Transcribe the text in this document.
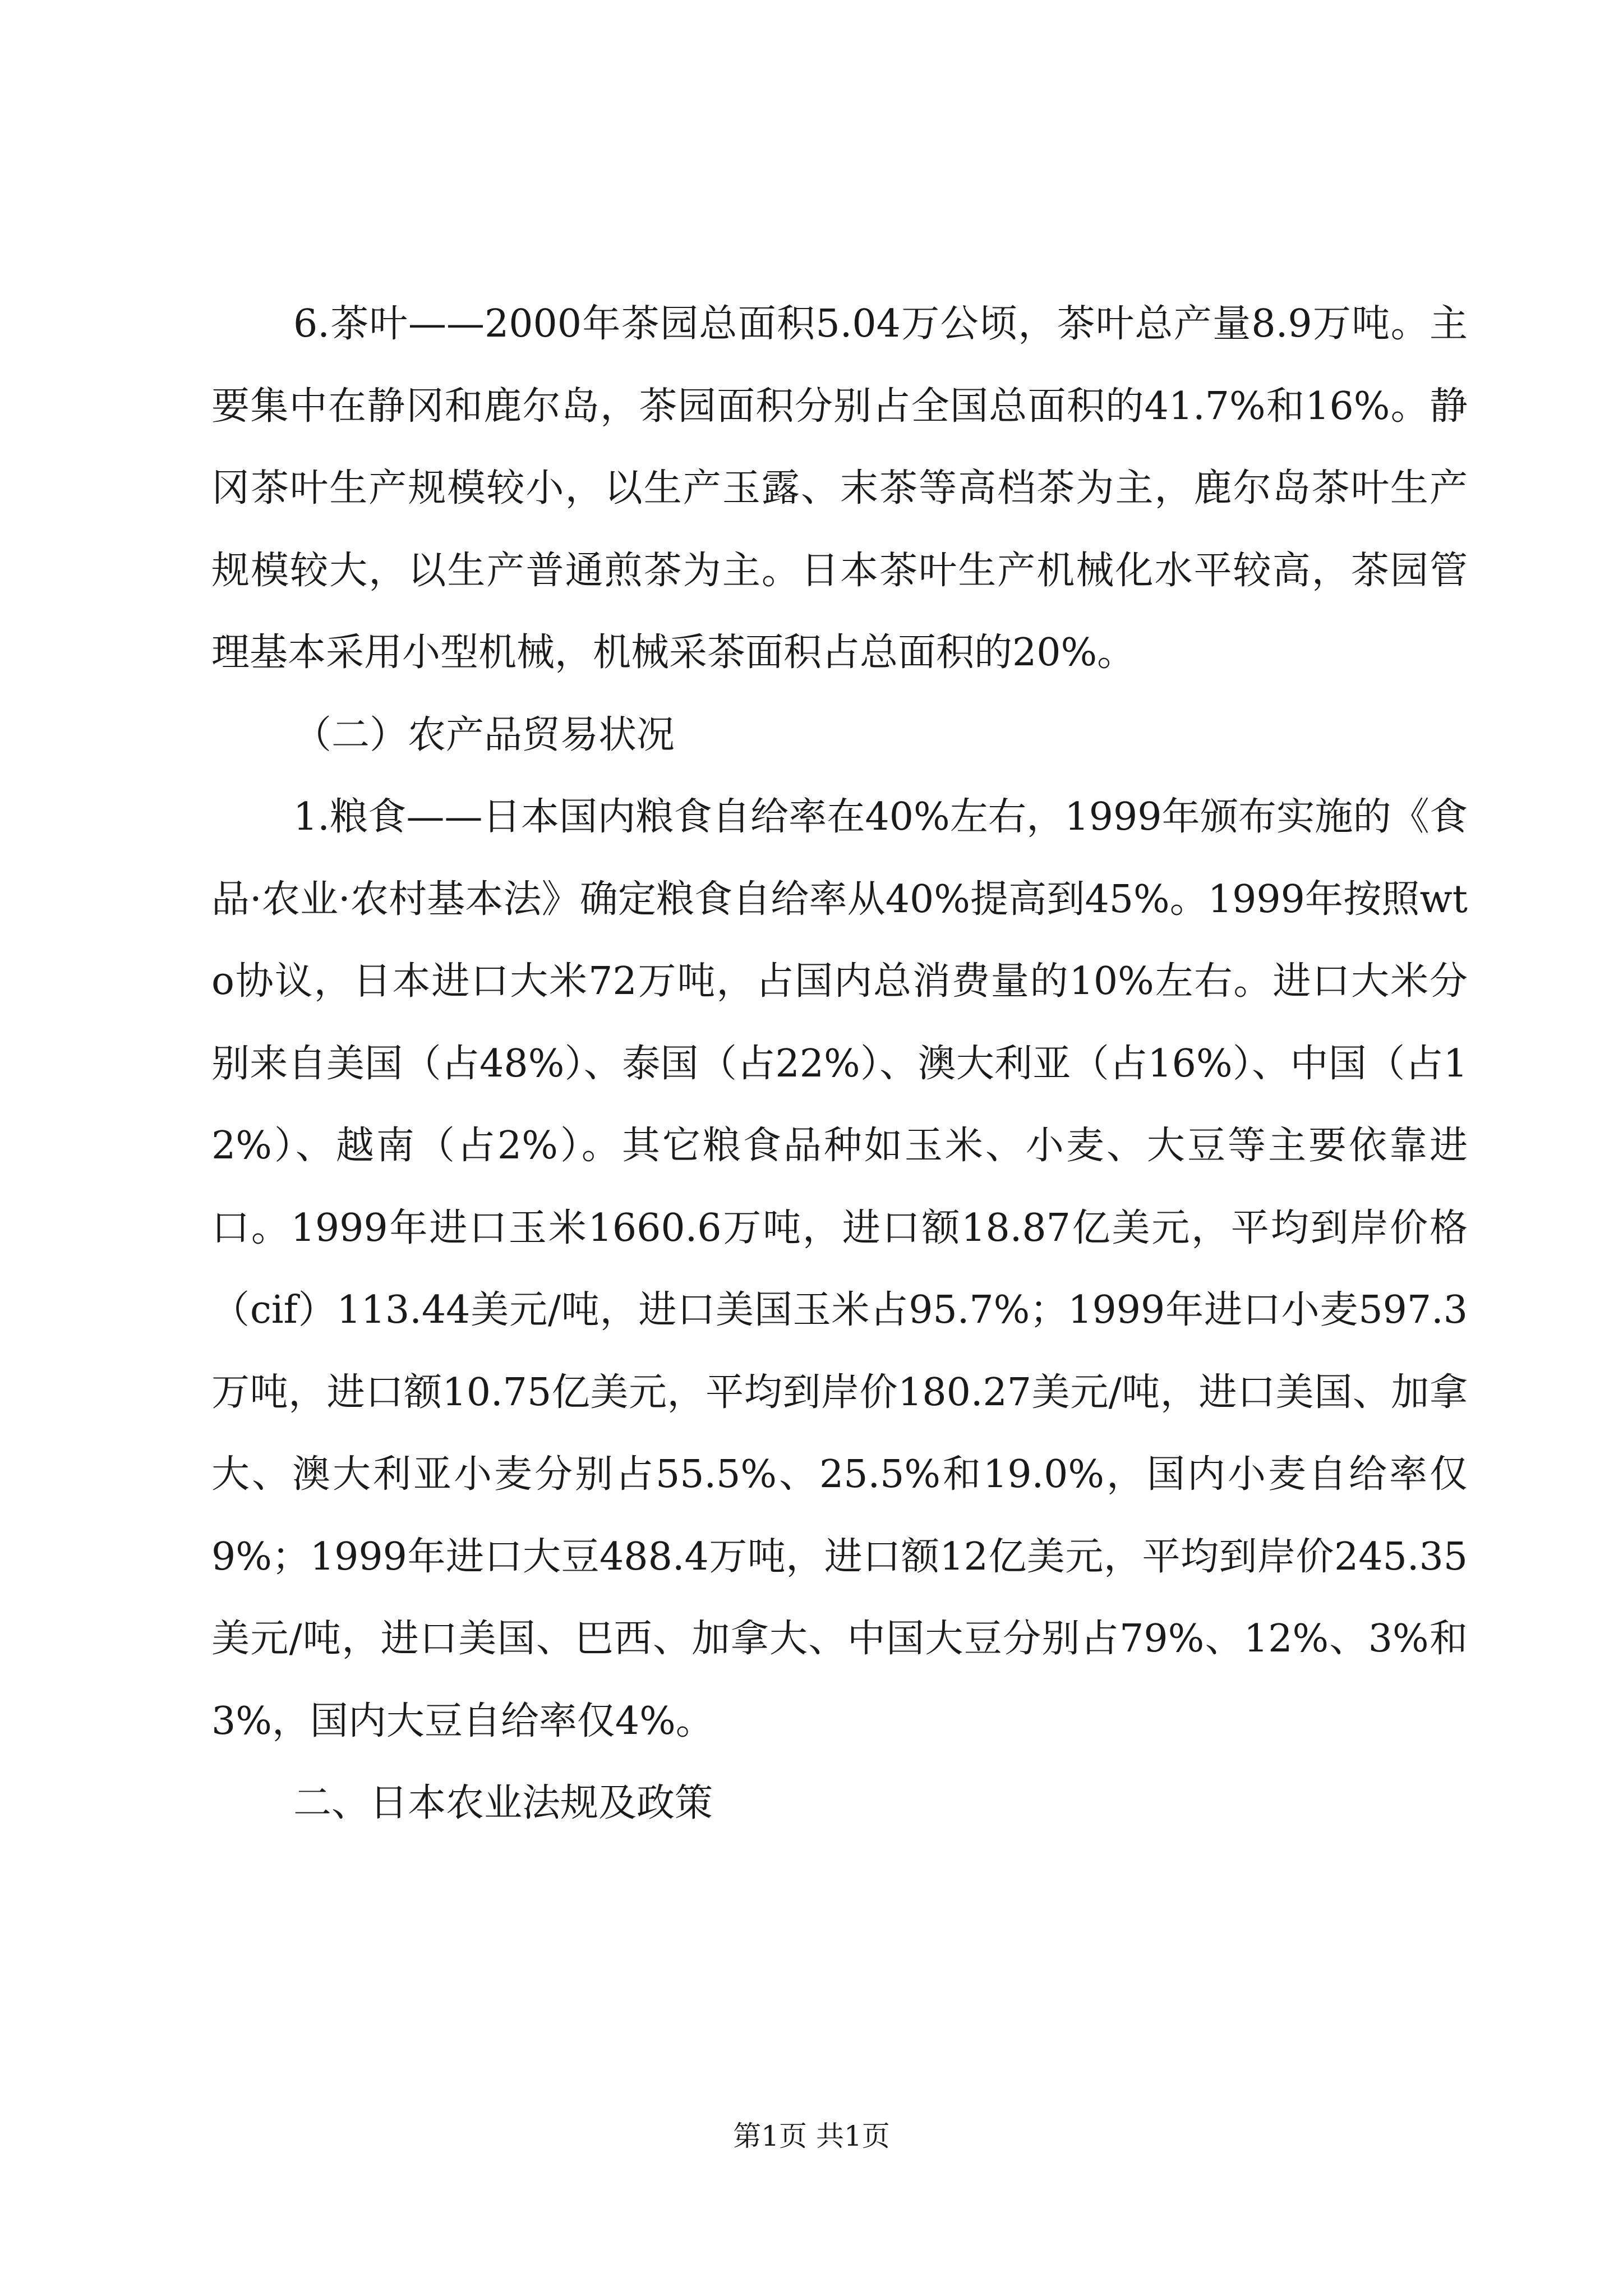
6.茶叶——2000年茶园总面积5.04万公顷，茶叶总产量8.9万吨。主要集中在静冈和鹿尔岛，茶园面积分别占全国总面积的41.7%和16%。静冈茶叶生产规模较小，以生产玉露、末茶等高档茶为主，鹿尔岛茶叶生产规模较大，以生产普通煎茶为主。日本茶叶生产机械化水平较高，茶园管理基本采用小型机械，机械采茶面积占总面积的20%。

（二）农产品贸易状况

1.粮食——日本国内粮食自给率在40%左右，1999年颁布实施的《食品·农业·农村基本法》确定粮食自给率从40%提高到45%。1999年按照wto协议，日本进口大米72万吨，占国内总消费量的10%左右。进口大米分别来自美国（占48%）、泰国（占22%）、澳大利亚（占16%）、中国（占12%）、越南（占2%）。其它粮食品种如玉米、小麦、大豆等主要依靠进口。1999年进口玉米1660.6万吨，进口额18.87亿美元，平均到岸价格（cif）113.44美元/吨，进口美国玉米占95.7%；1999年进口小麦597.3万吨，进口额10.75亿美元，平均到岸价180.27美元/吨，进口美国、加拿大、澳大利亚小麦分别占55.5%、25.5%和19.0%，国内小麦自给率仅9%；1999年进口大豆488.4万吨，进口额12亿美元，平均到岸价245.35美元/吨，进口美国、巴西、加拿大、中国大豆分别占79%、12%、3%和3%，国内大豆自给率仅4%。

二、日本农业法规及政策

第1页 共1页
